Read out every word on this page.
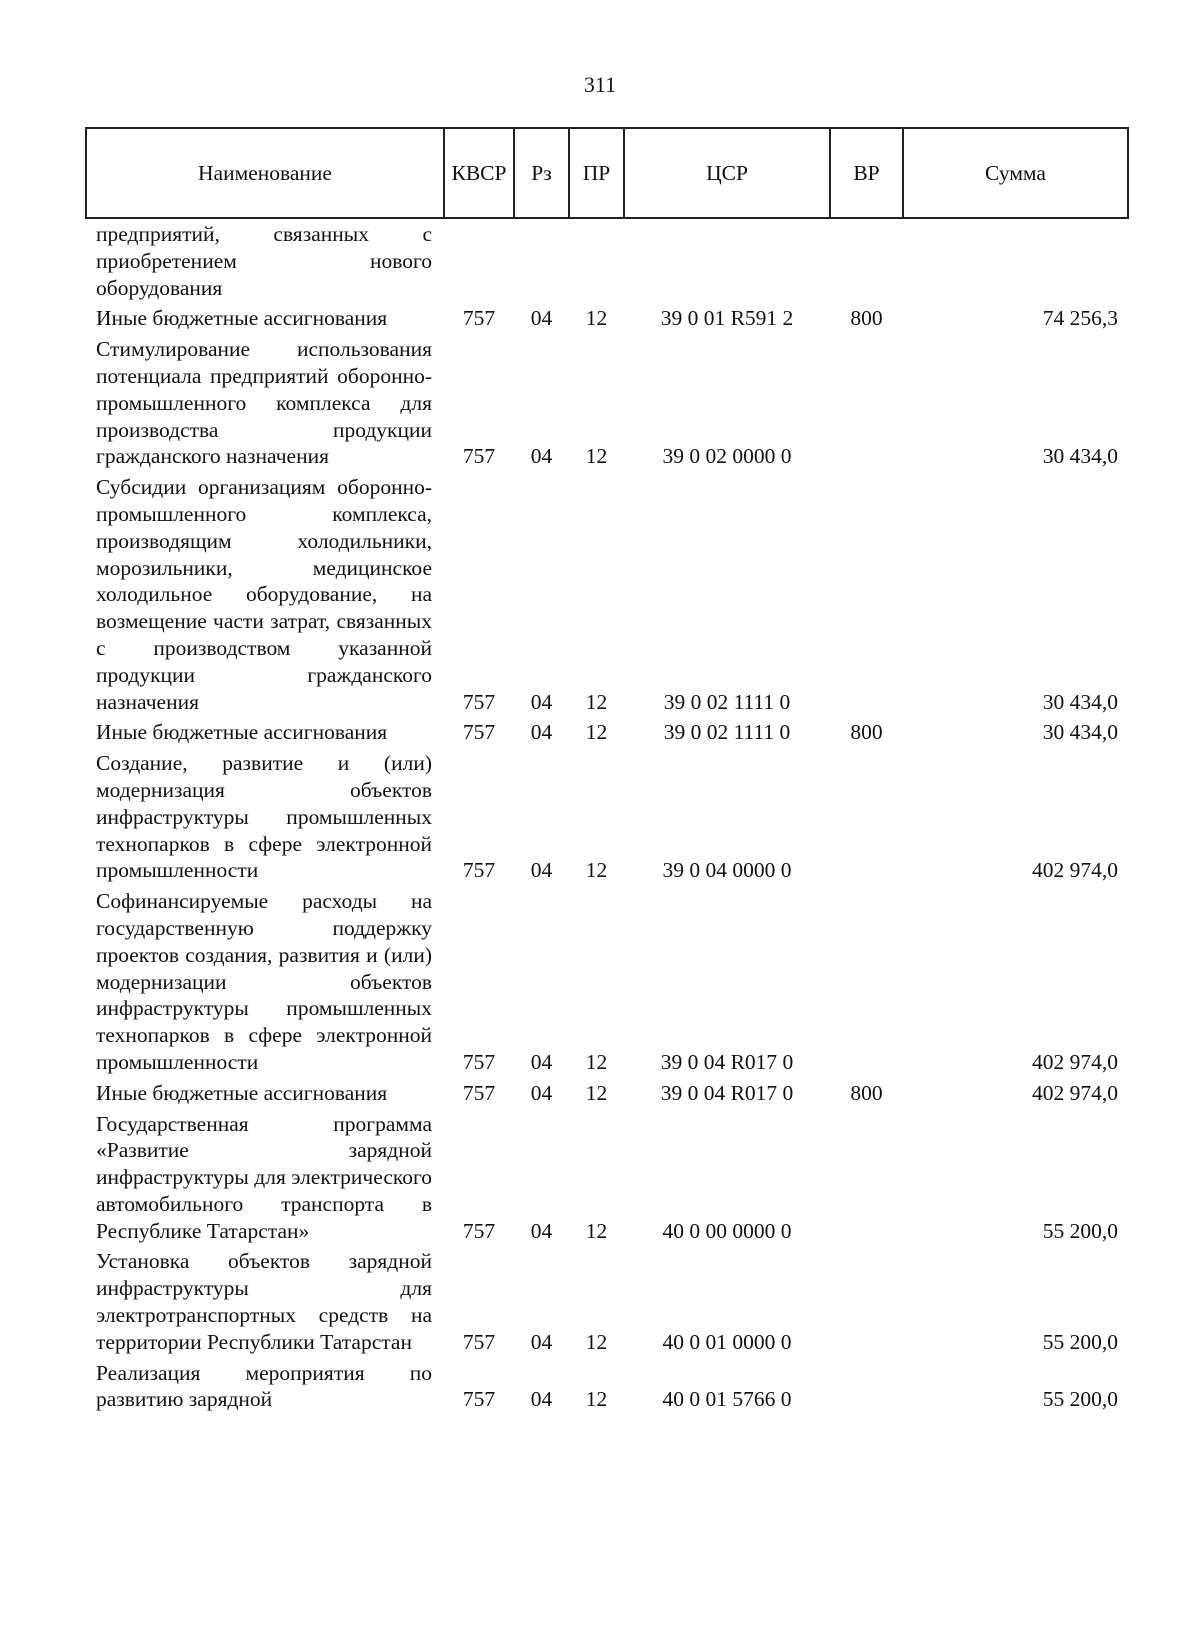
311
Наименование	КВСР	Рз	ПР	ЦСР	ВР	Сумма
предприятий, связанных с приобретением нового оборудования						
Иные бюджетные ассигнования	757	04	12	39 0 01 R591 2	800	74 256,3
Стимулирование использования потенциала предприятий оборонно-промышленного комплекса для производства продукции гражданского назначения	757	04	12	39 0 02 0000 0		30 434,0
Субсидии организациям оборонно-промышленного комплекса, производящим холодильники, морозильники, медицинское холодильное оборудование, на возмещение части затрат, связанных с производством указанной продукции гражданского назначения	757	04	12	39 0 02 1111 0		30 434,0
Иные бюджетные ассигнования	757	04	12	39 0 02 1111 0	800	30 434,0
Создание, развитие и (или) модернизация объектов инфраструктуры промышленных технопарков в сфере электронной промышленности	757	04	12	39 0 04 0000 0		402 974,0
Софинансируемые расходы на государственную поддержку проектов создания, развития и (или) модернизации объектов инфраструктуры промышленных технопарков в сфере электронной промышленности	757	04	12	39 0 04 R017 0		402 974,0
Иные бюджетные ассигнования	757	04	12	39 0 04 R017 0	800	402 974,0
Государственная программа «Развитие зарядной инфраструктуры для электрического автомобильного транспорта в Республике Татарстан»	757	04	12	40 0 00 0000 0		55 200,0
Установка объектов зарядной инфраструктуры для электротранспортных средств на территории Республики Татарстан	757	04	12	40 0 01 0000 0		55 200,0
Реализация мероприятия по развитию зарядной	757	04	12	40 0 01 5766 0		55 200,0
